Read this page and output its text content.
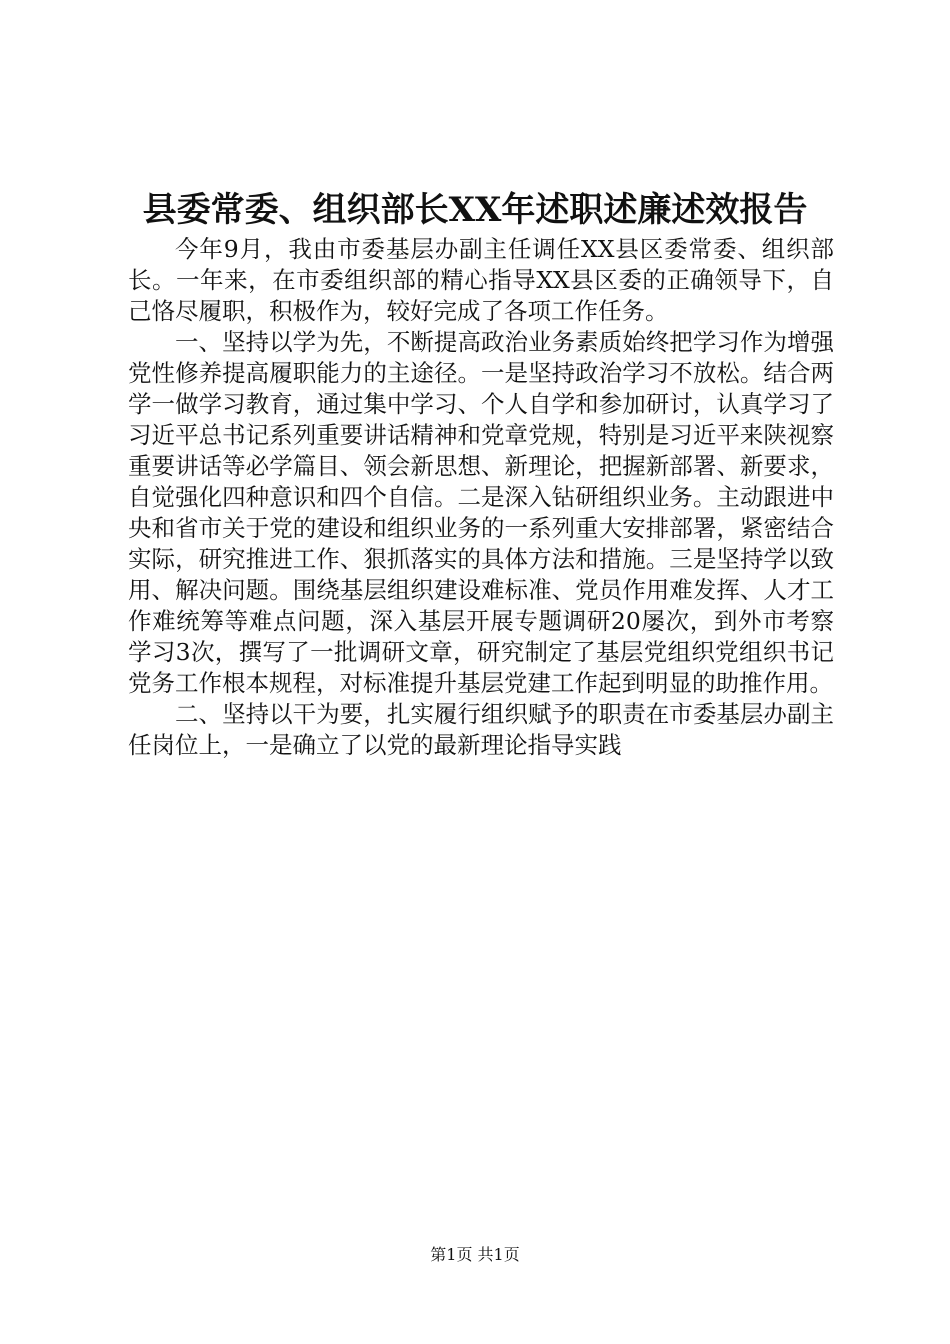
县委常委、组织部长XX年述职述廉述效报告

今年9月，我由市委基层办副主任调任XX县区委常委、组织部长。一年来，在市委组织部的精心指导XX县区委的正确领导下，自己恪尽履职，积极作为，较好完成了各项工作任务。

一、坚持以学为先，不断提高政治业务素质始终把学习作为增强党性修养提高履职能力的主途径。一是坚持政治学习不放松。结合两学一做学习教育，通过集中学习、个人自学和参加研讨，认真学习了习近平总书记系列重要讲话精神和党章党规，特别是习近平来陕视察重要讲话等必学篇目、领会新思想、新理论，把握新部署、新要求，自觉强化四种意识和四个自信。二是深入钻研组织业务。主动跟进中央和省市关于党的建设和组织业务的一系列重大安排部署，紧密结合实际，研究推进工作、狠抓落实的具体方法和措施。三是坚持学以致用、解决问题。围绕基层组织建设难标准、党员作用难发挥、人才工作难统筹等难点问题，深入基层开展专题调研20屡次，到外市考察学习3次，撰写了一批调研文章，研究制定了基层党组织党组织书记党务工作根本规程，对标准提升基层党建工作起到明显的助推作用。

二、坚持以干为要，扎实履行组织赋予的职责在市委基层办副主任岗位上，一是确立了以党的最新理论指导实践

第1页 共1页
